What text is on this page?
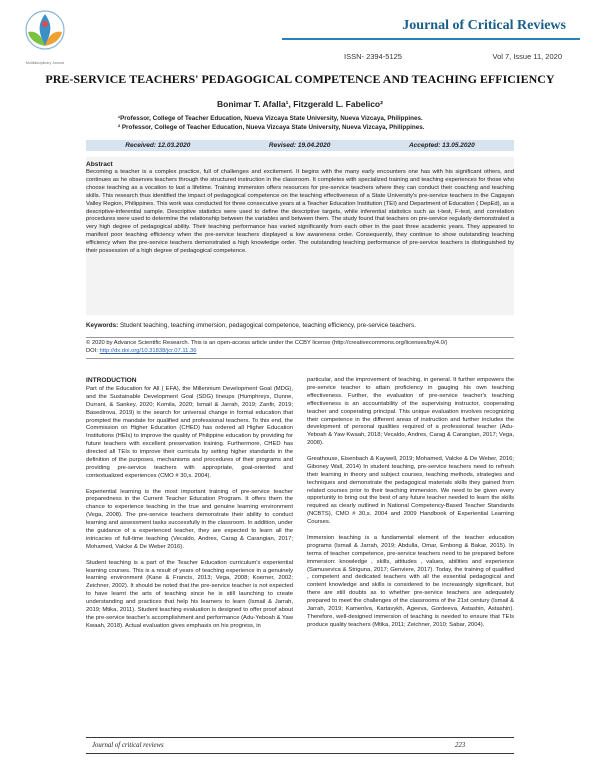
Multidisciplinary Journal
Journal of Critical Reviews
ISSN- 2394-5125	Vol 7, Issue 11, 2020
PRE-SERVICE TEACHERS' PEDAGOGICAL COMPETENCE AND TEACHING EFFICIENCY
Bonimar T. Afalla¹, Fitzgerald L. Fabelico²
¹Professor, College of Teacher Education, Nueva Vizcaya State University, Nueva Vizcaya, Philippines.
² Professor, College of Teacher Education, Nueva Vizcaya State University, Nueva Vizcaya, Philippines.
Received: 12.03.2020	Revised: 19.04.2020	Accepted: 13.05.2020
Abstract

Becoming a teacher is a complex practice, full of challenges and excitement. It begins with the many early encounters one has with his significant others, and continues as he observes teachers through the structured instruction in the classroom. It completes with specialized training and teaching experiences for those who choose teaching as a vocation to last a lifetime. Training immersion offers resources for pre-service teachers where they can conduct their coaching and teaching skills. This research thus identified the impact of pedagogical competence on the teaching effectiveness of a State University's pre-service teachers in the Cagayan Valley Region, Philippines. This work was conducted for three consecutive years at a Teacher Education Institution (TEI) and Department of Education ( DepEd), as a descriptive-inferential sample. Descriptive statistics were used to define the descriptive targets, while inferential statistics such as t-test, F-test, and correlation procedures were used to determine the relationship between the variables and between them. The study found that teachers on pre-service regularly demonstrated a very high degree of pedagogical ability. Their teaching performance has varied significantly from each other in the past three academic years. They appeared to manifest poor teaching efficiency when the pre-service teachers displayed a low awareness order. Consequently, they continue to show outstanding teaching efficiency when the pre-service teachers demonstrated a high knowledge order. The outstanding teaching performance of pre-service teachers is distinguished by their possession of a high degree of pedagogical competence.

Keywords: Student teaching, teaching immersion, pedagogical competence, teaching efficiency, pre-service teachers.
© 2020 by Advance Scientific Research. This is an open-access article under the CCBY license (http://creativecommons.org/licenses/by/4.0/)
DOI: http://dx.doi.org/10.31838/jcr.07.11.36
INTRODUCTION

Part of the Education for All ( EFA), the Millennium Development Goal (MDG), and the Sustainable Development Goal (SDG) lineups (Humphreys, Dunne, Durrani, & Sankey, 2020; Komila, 2020; Ismail & Jarrah, 2019; Zanfir, 2019; Basedirova, 2019) is the search for universal change in formal education that prompted the mandate for qualified and professional teachers. To this end, the Commission on Higher Education (CHED) has ordered all Higher Education Institutions (HEIs) to improve the quality of Philippine education by providing for future teachers with excellent preservation training. Furthermore, CHED has directed all TEIs to improve their curricula by setting higher standards in the definition of the purposes, mechanisms and procedures of their programs and providing pre-service teachers with appropriate, goal-oriented and contextualized experiences (CMO # 30,s. 2004).

Experiential learning is the most important training of pre-service teacher preparedness in the Current Teacher Education Program. It offers them the chance to experience teaching in the true and genuine learning environment (Vega, 2008). The pre-service teachers demonstrate their ability to conduct learning and assessment tasks successfully in the classroom. In addition, under the guidance of a experienced teacher, they are expected to learn all the intricacies of full-time teaching (Vecaldo, Andres, Carag & Carangian, 2017; Mohamed, Valcke & De Weber 2016).

Student teaching is a part of the Teacher Education curriculum's experiential learning courses. This is a result of years of teaching experience in a genuinely learning environment (Kane & Francis, 2013; Vega, 2008; Koerner, 2002; Zeichner, 2002). It should be noted that the pre-service teacher is not expected to have learnt the arts of teaching since he is still launching to create understanding and practices that help his learners to learn (Ismail & Jarrah, 2019; Mtika, 2011). Student teaching evaluation is designed to offer proof about the pre-service teacher's accomplishment and performance (Adu-Yeboah & Yaw Kwaah, 2018). Actual evaluation gives emphasis on his progress, in

particular, and the improvement of teaching, in general. It further empowers the pre-service teacher to attain proficiency in gauging his own teaching effectiveness. Further, the evaluation of pre-service teacher's teaching effectiveness is an accountability of the supervising instructor, cooperating teacher and cooperating principal. This unique evaluation involves recognizing their competence in the different areas of instruction and further includes the development of personal qualities required of a professional teacher (Adu-Yeboah & Yaw Kwaah, 2018; Vecaldo, Andres, Carag & Carangian, 2017; Vega, 2008).

Greathouse, Eisenbach & Kaywell, 2019; Mohamed, Valcke & De Weber, 2016; Giboney Wall, 2014) In student teaching, pre-service teachers need to refresh their learning in theory and subject courses, teaching methods, strategies and techniques and demonstrate the pedagogical materials skills they gained from related courses prior to their teaching immersion. We need to be given every opportunity to bring out the best of any future teacher needed to learn the skills required as clearly outlined in National Competency-Based Teacher Standards (NCBTS), CMO # 30,s. 2004 and 2009 Handbook of Experiential Learning Courses.

Immersion teaching is a fundamental element of the teacher education programs (Ismail & Jarrah, 2019; Abdulla, Omar, Embong & Bakar, 2015). In terms of teacher competence, pre-service teachers need to be prepared before immersion: knowledge , skills, attitudes , values, abilities and experience (Samusevica & Striguna, 2017; Genviere, 2017). Today, the training of qualified , competent and dedicated teachers with all the essential pedagogical and content knowledge and skills is considered to be increasingly significant, but there are still doubts as to whether pre-service teachers are adequately prepared to meet the challenges of the classrooms of the 21st century (Ismail & Jarrah, 2019; Kamenlva, Kartavykh, Ageeva, Gordeeva, Astashin, Astashin). Therefore, well-designed immersion of teaching is needed to ensure that TEIs produce quality teachers (Mtika, 2011; Zeichner, 2010; Sabar, 2004).

Journal of critical reviews	223
